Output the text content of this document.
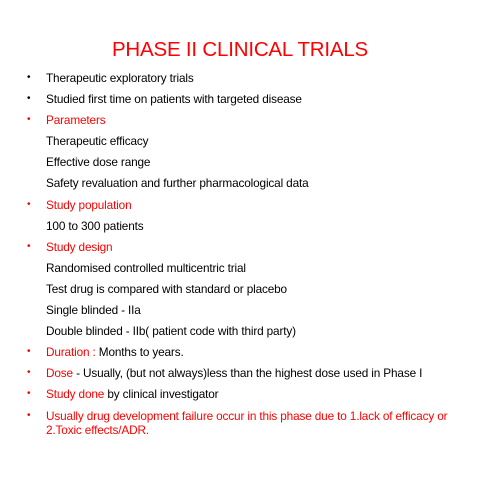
PHASE II CLINICAL TRIALS
•	Therapeutic exploratory trials
•	Studied first time on patients with targeted disease
•	Parameters
Therapeutic efficacy
Effective dose range
Safety revaluation and further pharmacological data
•	Study population
100 to 300 patients
•	Study design
Randomised controlled multicentric trial
Test drug is compared with standard or placebo
Single blinded - IIa
Double blinded - IIb( patient code with third party)
•	Duration : Months to years.
•	Dose - Usually, (but not always)less than the highest dose used in Phase I
•	Study done by clinical investigator
•	Usually drug development failure occur in this phase due to 1.lack of efficacy or 2.Toxic effects/ADR.
